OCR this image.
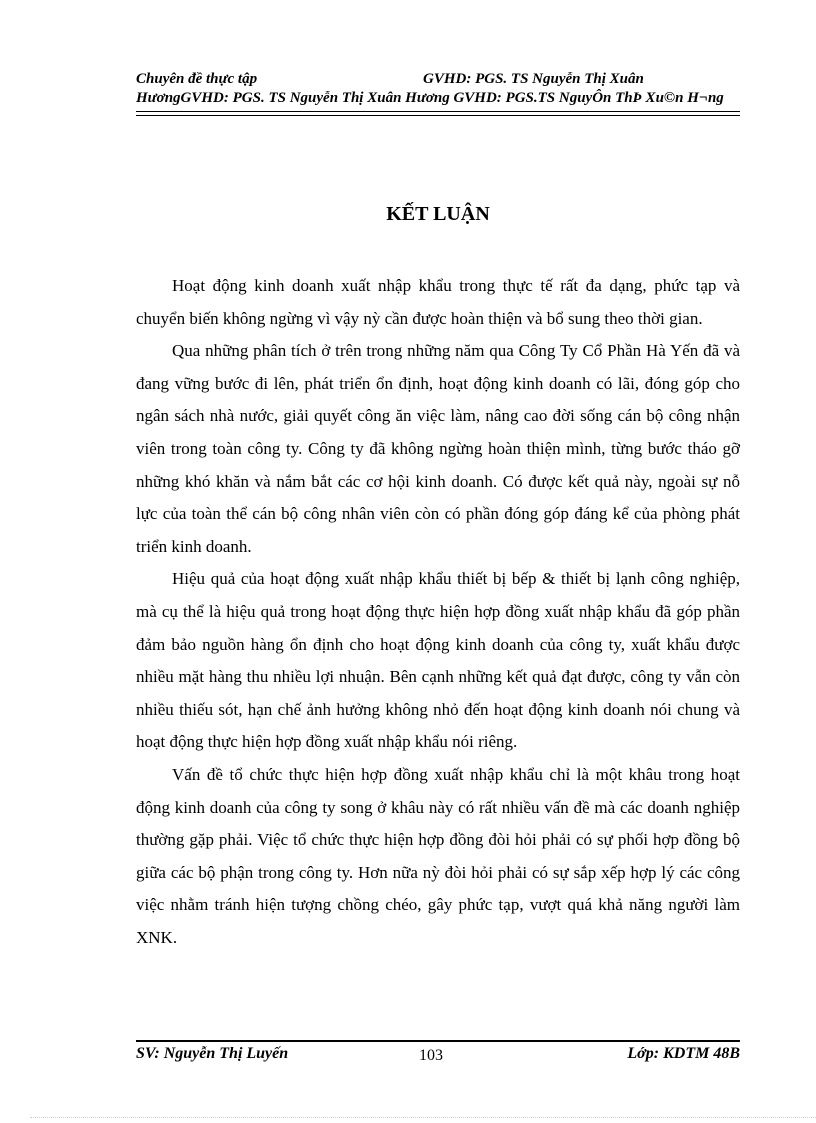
Chuyên đề thực tập	GVHD: PGS. TS Nguyễn Thị Xuân
HươngGVHD: PGS. TS Nguyễn Thị Xuân Hương GVHD: PGS.TS NguyÔn ThÞ Xu©n H¬ng
KẾT LUẬN

Hoạt động kinh doanh xuất nhập khẩu trong thực tế rất đa dạng, phức tạp và chuyển biến không ngừng vì vậy nỳ cần được hoàn thiện và bổ sung theo thời gian.

Qua những phân tích ở trên trong những năm qua Công Ty Cổ Phần Hà Yến đã và đang vững bước đi lên, phát triển ổn định, hoạt động kinh doanh có lãi, đóng góp cho ngân sách nhà nước, giải quyết công ăn việc làm, nâng cao đời sống cán bộ công nhận viên trong toàn công ty. Công ty đã không ngừng hoàn thiện mình, từng bước tháo gỡ những khó khăn và nắm bắt các cơ hội kinh doanh. Có được kết quả này, ngoài sự nỗ lực của toàn thể cán bộ công nhân viên còn có phần đóng góp đáng kể của phòng phát triển kinh doanh.

Hiệu quả của hoạt động xuất nhập khẩu thiết bị bếp & thiết bị lạnh công nghiệp, mà cụ thể là hiệu quả trong hoạt động thực hiện hợp đồng xuất nhập khẩu đã góp phần đảm bảo nguồn hàng ổn định cho hoạt động kinh doanh của công ty, xuất khẩu được nhiều mặt hàng thu nhiều lợi nhuận. Bên cạnh những kết quả đạt được, công ty vẫn còn nhiều thiếu sót, hạn chế ảnh hưởng không nhỏ đến hoạt động kinh doanh nói chung và hoạt động thực hiện hợp đồng xuất nhập khẩu nói riêng.

Vấn đề tổ chức thực hiện hợp đồng xuất nhập khẩu chỉ là một khâu trong hoạt động kinh doanh của công ty song ở khâu này có rất nhiều vấn đề mà các doanh nghiệp thường gặp phải. Việc tổ chức thực hiện hợp đồng đòi hỏi phải có sự phối hợp đồng bộ giữa các bộ phận trong công ty. Hơn nữa nỳ đòi hỏi phải có sự sắp xếp hợp lý các công việc nhằm tránh hiện tượng chồng chéo, gây phức tạp, vượt quá khả năng người làm XNK.

SV: Nguyễn Thị Luyến	103	Lớp: KDTM 48B
